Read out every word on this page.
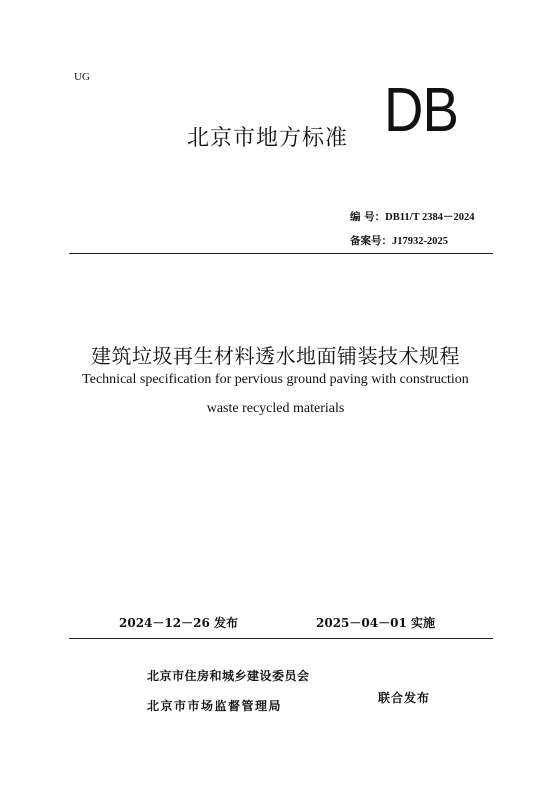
UG	DB
北京市地方标准
编 号：DB11/T 2384－2024
备案号：J17932-2025
建筑垃圾再生材料透水地面铺装技术规程
Technical specification for pervious ground paving with construction
waste recycled materials
2024－12－26 发布	2025－04－01 实施
北京市住房和城乡建设委员会
北京市市场监督管理局
联合发布
